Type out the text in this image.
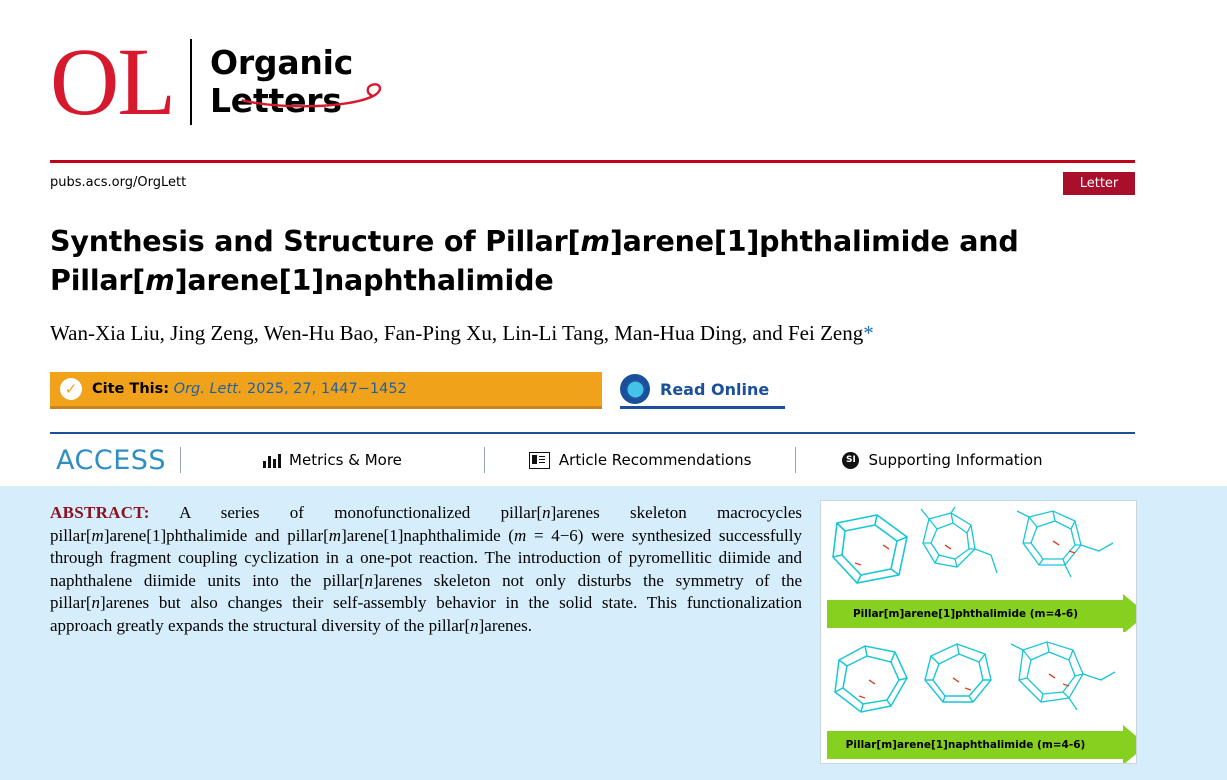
OL	Organic
Letters
pubs.acs.org/OrgLett	Letter
Synthesis and Structure of Pillar[m]arene[1]phthalimide and
Pillar[m]arene[1]naphthalimide
Wan-Xia Liu, Jing Zeng, Wen-Hu Bao, Fan-Ping Xu, Lin-Li Tang, Man-Hua Ding, and Fei Zeng*
✓	Cite This: Org. Lett. 2025, 27, 1447−1452	Read Online
ACCESS	Metrics & More	Article Recommendations	SI Supporting Information
ABSTRACT: A series of monofunctionalized pillar[n]arenes skeleton macrocycles pillar[m]arene[1]phthalimide and pillar[m]arene[1]naphthalimide (m = 4−6) were synthesized successfully through fragment coupling cyclization in a one-pot reaction. The introduction of pyromellitic diimide and naphthalene diimide units into the pillar[n]arenes skeleton not only disturbs the symmetry of the pillar[n]arenes but also changes their self-assembly behavior in the solid state. This functionalization approach greatly expands the structural diversity of the pillar[n]arenes.
Pillar[m]arene[1]phthalimide (m=4-6)
Pillar[m]arene[1]naphthalimide (m=4-6)
